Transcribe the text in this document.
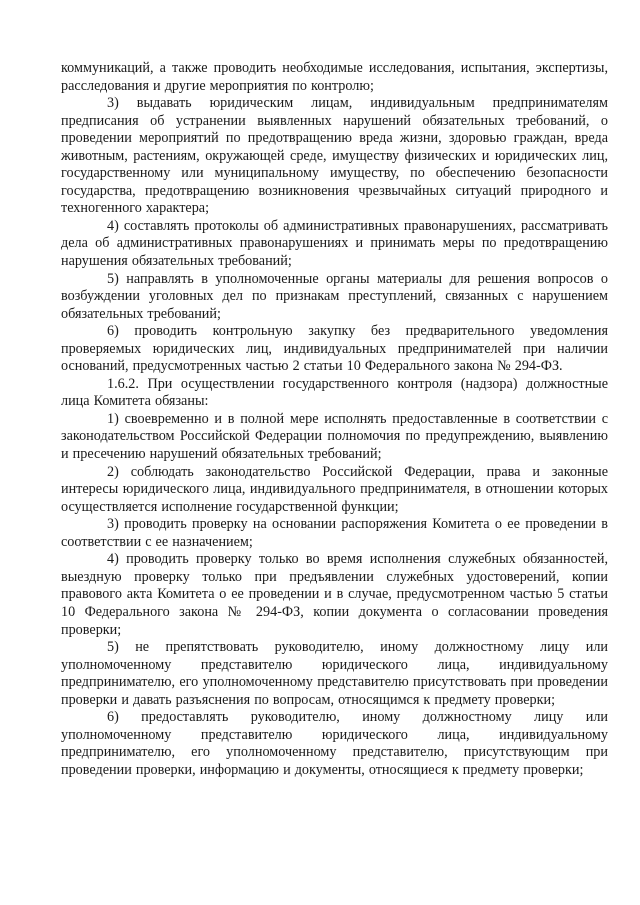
коммуникаций, а также проводить необходимые исследования, испытания, экспертизы, расследования и другие мероприятия по контролю;

3) выдавать юридическим лицам, индивидуальным предпринимателям предписания об устранении выявленных нарушений обязательных требований, о проведении мероприятий по предотвращению вреда жизни, здоровью граждан, вреда животным, растениям, окружающей среде, имуществу физических и юридических лиц, государственному или муниципальному имуществу, по обеспечению безопасности государства, предотвращению возникновения чрезвычайных ситуаций природного и техногенного характера;

4) составлять протоколы об административных правонарушениях, рассматривать дела об административных правонарушениях и принимать меры по предотвращению нарушения обязательных требований;

5) направлять в уполномоченные органы материалы для решения вопросов о возбуждении уголовных дел по признакам преступлений, связанных с нарушением обязательных требований;

6) проводить контрольную закупку без предварительного уведомления проверяемых юридических лиц, индивидуальных предпринимателей при наличии оснований, предусмотренных частью 2 статьи 10 Федерального закона № 294-ФЗ.

1.6.2. При осуществлении государственного контроля (надзора) должностные лица Комитета обязаны:

1) своевременно и в полной мере исполнять предоставленные в соответствии с законодательством Российской Федерации полномочия по предупреждению, выявлению и пресечению нарушений обязательных требований;

2) соблюдать законодательство Российской Федерации, права и законные интересы юридического лица, индивидуального предпринимателя, в отношении которых осуществляется исполнение государственной функции;

3) проводить проверку на основании распоряжения Комитета о ее проведении в соответствии с ее назначением;

4) проводить проверку только во время исполнения служебных обязанностей, выездную проверку только при предъявлении служебных удостоверений, копии правового акта Комитета о ее проведении и в случае, предусмотренном частью 5 статьи 10 Федерального закона № 294-ФЗ, копии документа о согласовании проведения проверки;

5) не препятствовать руководителю, иному должностному лицу или уполномоченному представителю юридического лица, индивидуальному предпринимателю, его уполномоченному представителю присутствовать при проведении проверки и давать разъяснения по вопросам, относящимся к предмету проверки;

6) предоставлять руководителю, иному должностному лицу или уполномоченному представителю юридического лица, индивидуальному предпринимателю, его уполномоченному представителю, присутствующим при проведении проверки, информацию и документы, относящиеся к предмету проверки;
